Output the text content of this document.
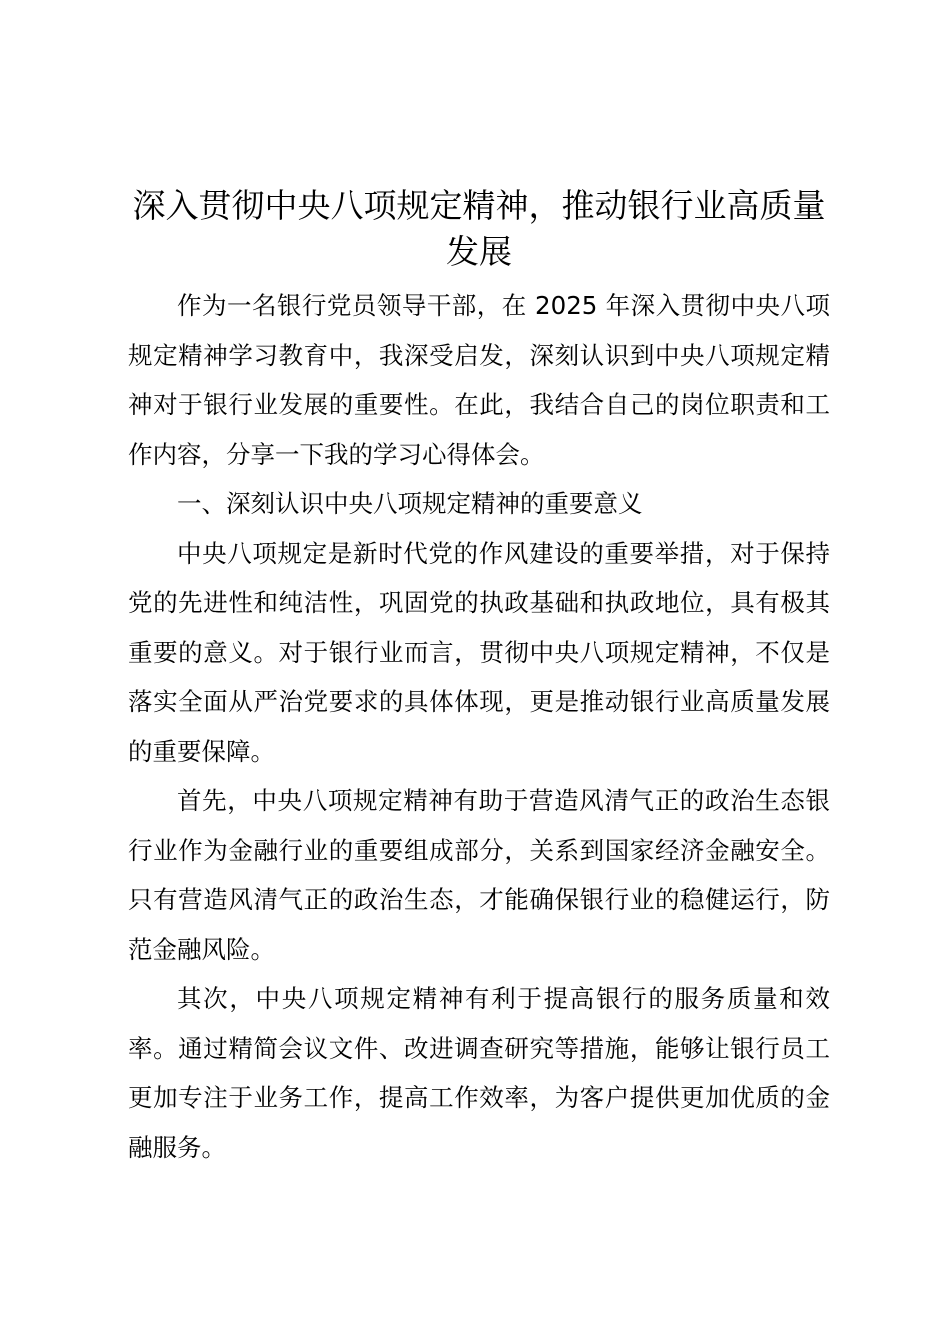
深入贯彻中央八项规定精神，推动银行业高质量发展

作为一名银行党员领导干部，在 2025 年深入贯彻中央八项规定精神学习教育中，我深受启发，深刻认识到中央八项规定精神对于银行业发展的重要性。在此，我结合自己的岗位职责和工作内容，分享一下我的学习心得体会。

一、深刻认识中央八项规定精神的重要意义

中央八项规定是新时代党的作风建设的重要举措，对于保持党的先进性和纯洁性，巩固党的执政基础和执政地位，具有极其重要的意义。对于银行业而言，贯彻中央八项规定精神，不仅是落实全面从严治党要求的具体体现，更是推动银行业高质量发展的重要保障。

首先，中央八项规定精神有助于营造风清气正的政治生态银行业作为金融行业的重要组成部分，关系到国家经济金融安全。只有营造风清气正的政治生态，才能确保银行业的稳健运行，防范金融风险。

其次，中央八项规定精神有利于提高银行的服务质量和效率。通过精简会议文件、改进调查研究等措施，能够让银行员工更加专注于业务工作，提高工作效率，为客户提供更加优质的金融服务。
